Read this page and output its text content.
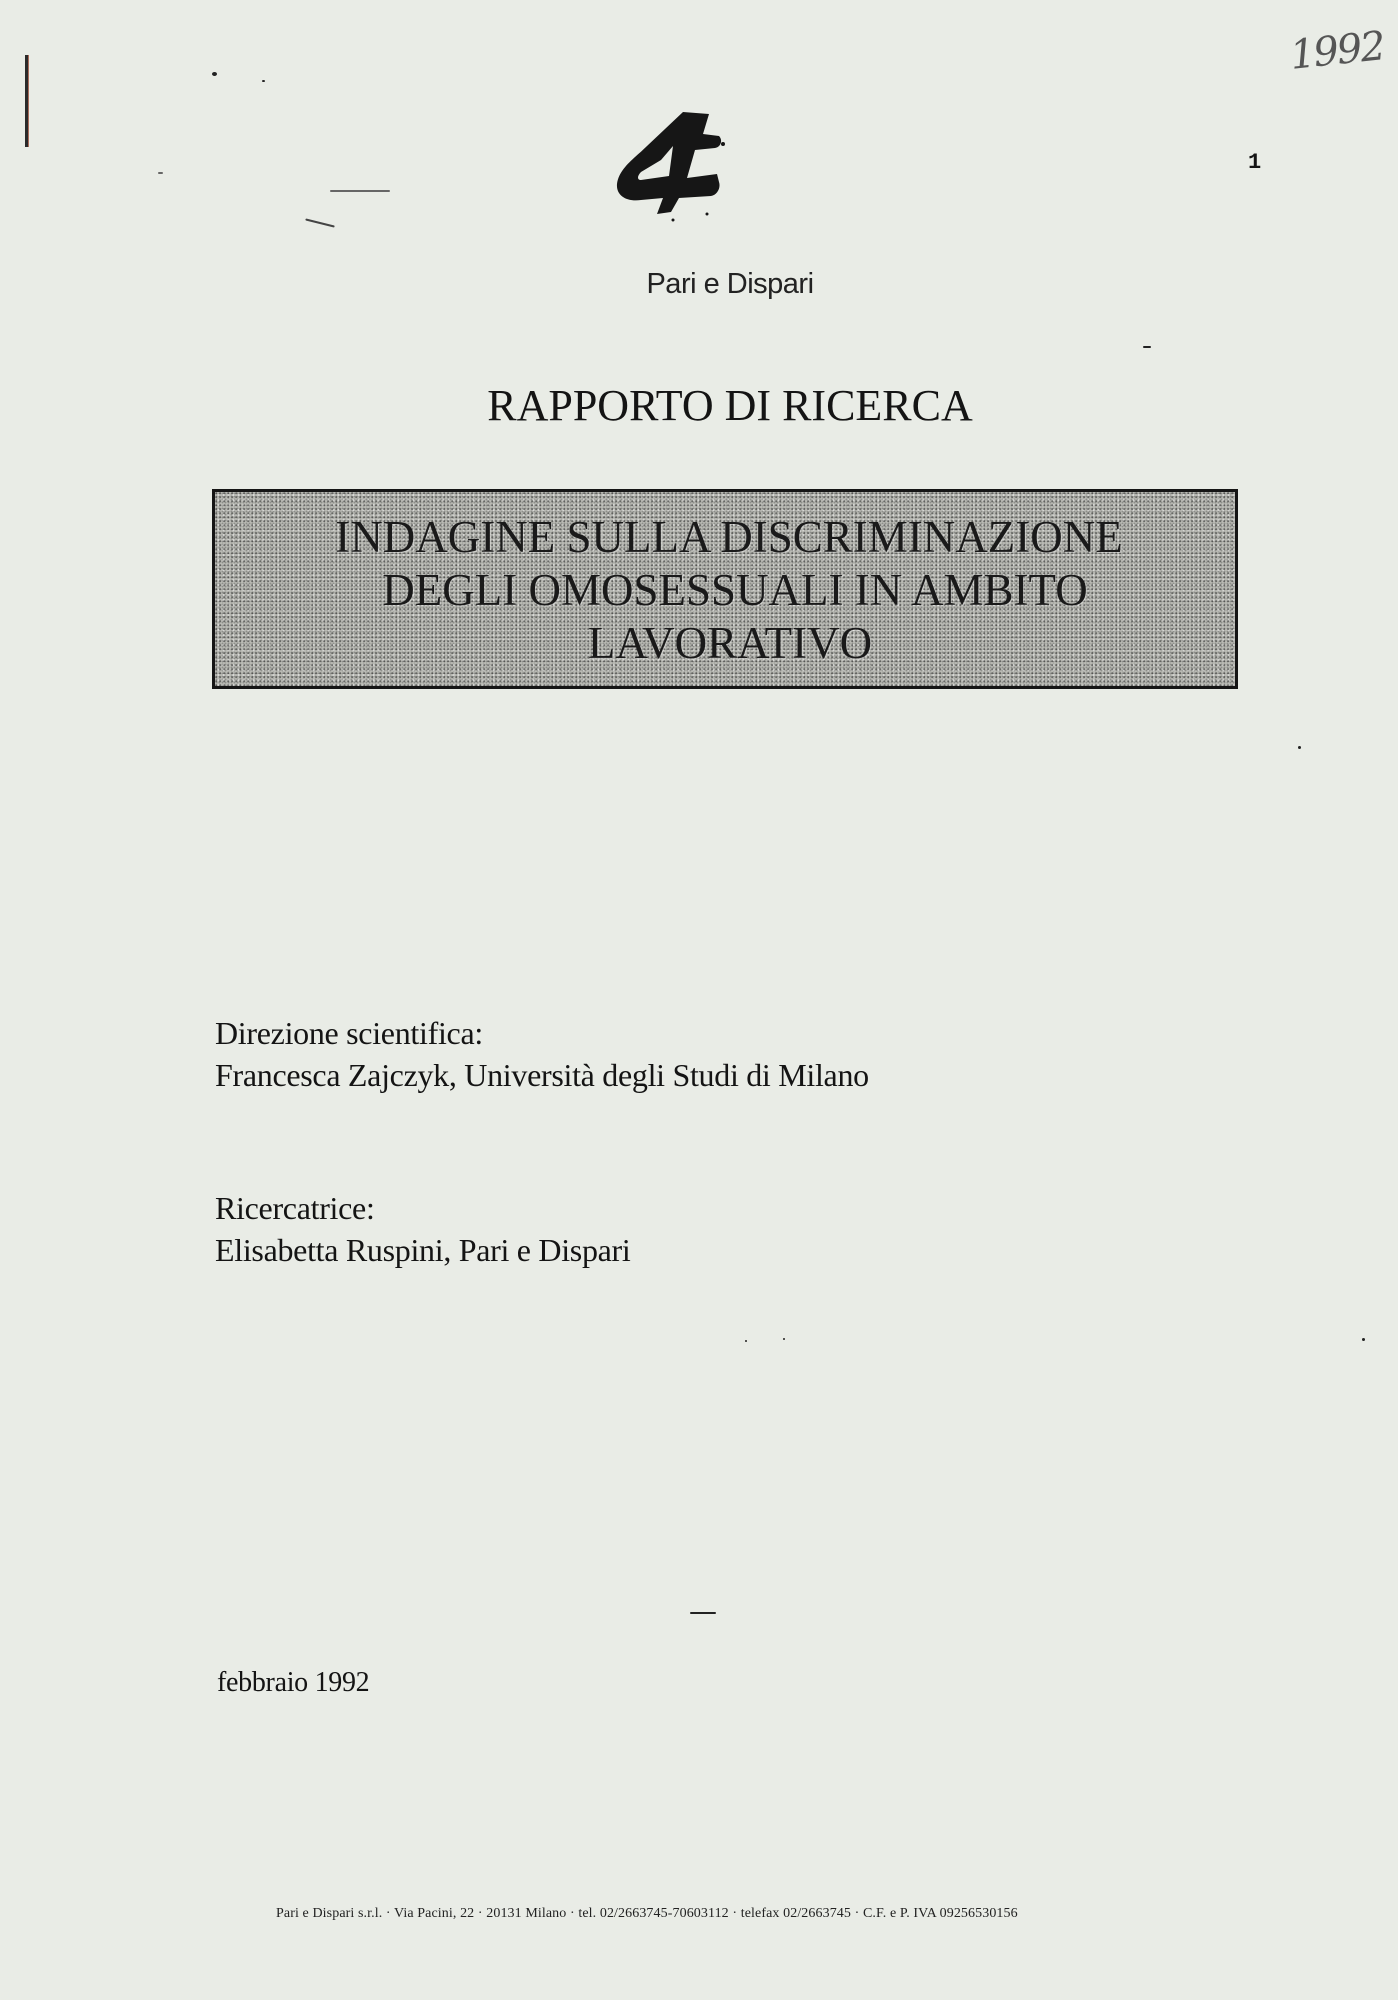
1992
1
Pari e Dispari
RAPPORTO DI RICERCA
INDAGINE SULLA DISCRIMINAZIONE
DEGLI OMOSESSUALI IN AMBITO
LAVORATIVO
Direzione scientifica:
Francesca Zajczyk, Università degli Studi di Milano
Ricercatrice:
Elisabetta Ruspini, Pari e Dispari
febbraio 1992
Pari e Dispari s.r.l. · Via Pacini, 22 · 20131 Milano · tel. 02/2663745-70603112 · telefax 02/2663745 · C.F. e P. IVA 09256530156
